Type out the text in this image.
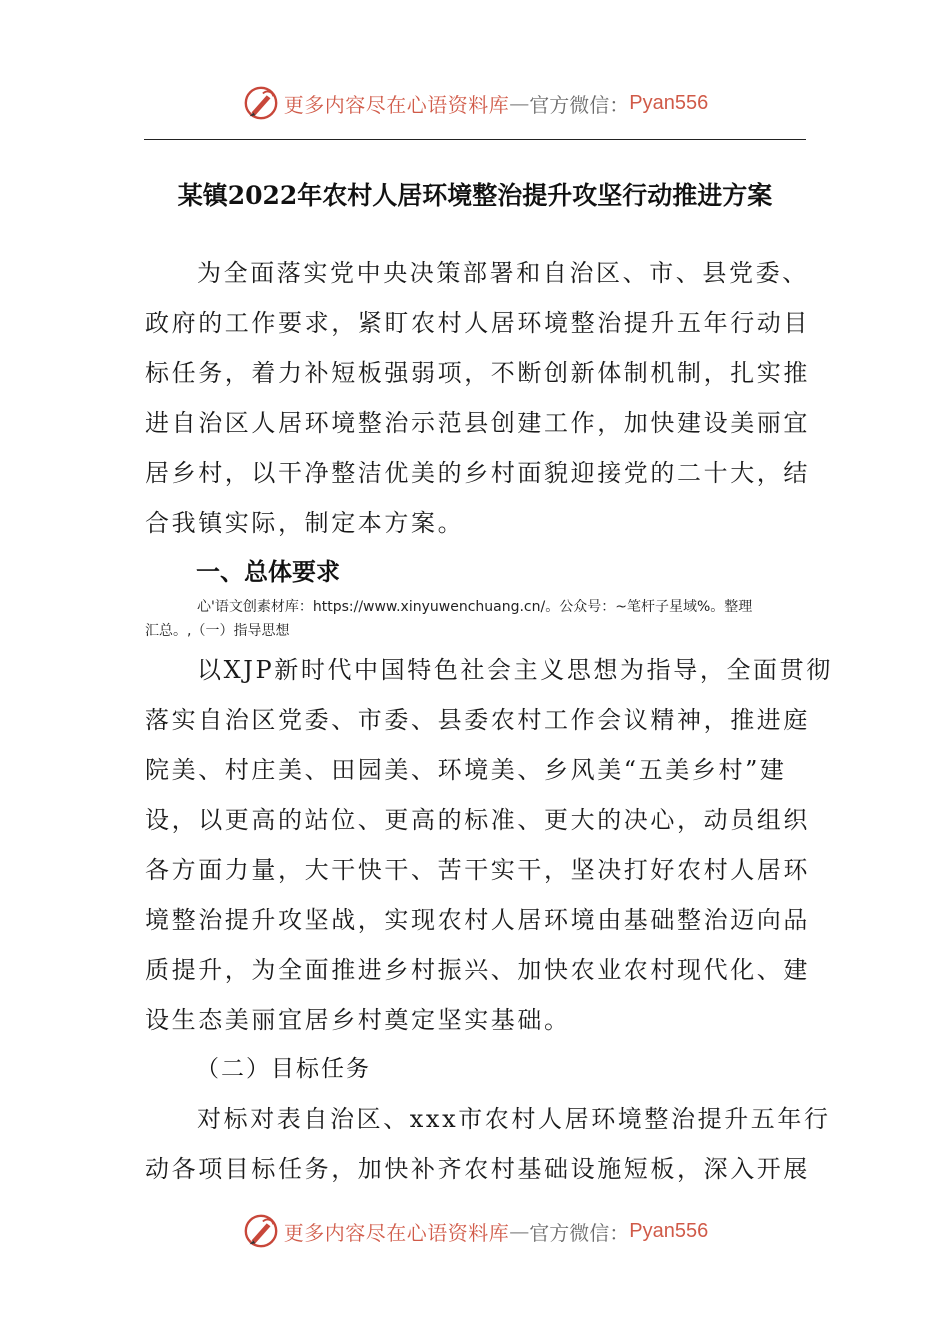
更多内容尽在心语资料库 — 官方微信： Pyan556
某镇2022年农村人居环境整治提升攻坚行动推进方案
为全面落实党中央决策部署和自治区、市、县党委、
政府的工作要求，紧盯农村人居环境整治提升五年行动目
标任务，着力补短板强弱项，不断创新体制机制，扎实推
进自治区人居环境整治示范县创建工作，加快建设美丽宜
居乡村，以干净整洁优美的乡村面貌迎接党的二十大，结
合我镇实际，制定本方案。
一、总体要求
心'语文创素材库：https://www.xinyuwenchuang.cn/。公众号：~笔杆子星域%。整理
汇总。,（一）指导思想
以XJP新时代中国特色社会主义思想为指导，全面贯彻
落实自治区党委、市委、县委农村工作会议精神，推进庭
院美、村庄美、田园美、环境美、乡风美“五美乡村”建
设，以更高的站位、更高的标准、更大的决心，动员组织
各方面力量，大干快干、苦干实干，坚决打好农村人居环
境整治提升攻坚战，实现农村人居环境由基础整治迈向品
质提升，为全面推进乡村振兴、加快农业农村现代化、建
设生态美丽宜居乡村奠定坚实基础。
（二）目标任务
对标对表自治区、xxx市农村人居环境整治提升五年行
动各项目标任务，加快补齐农村基础设施短板，深入开展
更多内容尽在心语资料库 — 官方微信： Pyan556
